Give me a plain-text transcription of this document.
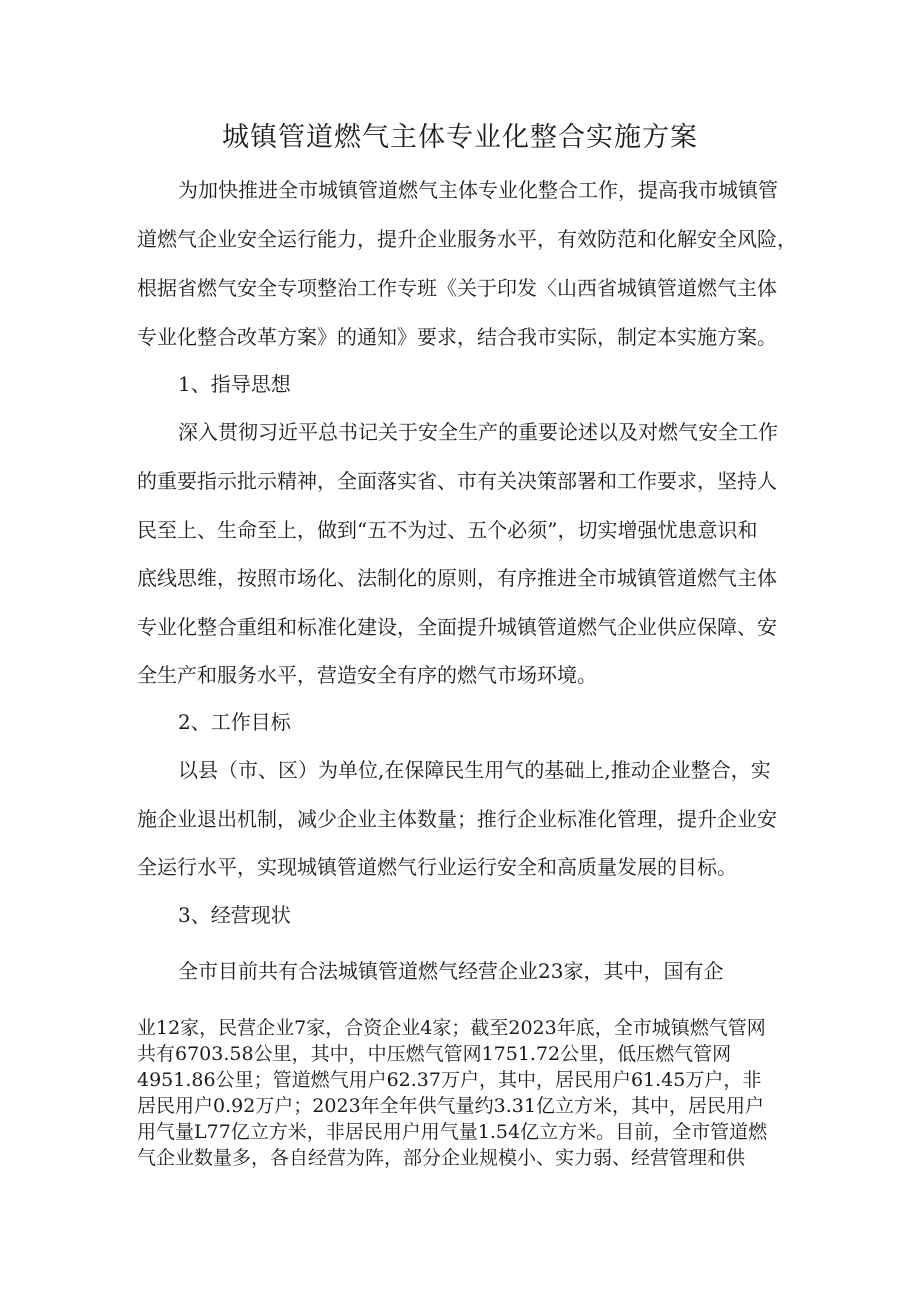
城镇管道燃气主体专业化整合实施方案
为加快推进全市城镇管道燃气主体专业化整合工作，提高我市城镇管
道燃气企业安全运行能力，提升企业服务水平，有效防范和化解安全风险，
根据省燃气安全专项整治工作专班《关于印发〈山西省城镇管道燃气主体
专业化整合改革方案》的通知》要求，结合我市实际，制定本实施方案。
1、指导思想
深入贯彻习近平总书记关于安全生产的重要论述以及对燃气安全工作
的重要指示批示精神，全面落实省、市有关决策部署和工作要求，坚持人
民至上、生命至上，做到“五不为过、五个必须”，切实增强忧患意识和
底线思维，按照市场化、法制化的原则，有序推进全市城镇管道燃气主体
专业化整合重组和标准化建设，全面提升城镇管道燃气企业供应保障、安
全生产和服务水平，营造安全有序的燃气市场环境。
2、工作目标
以县（市、区）为单位,在保障民生用气的基础上,推动企业整合，实
施企业退出机制，减少企业主体数量；推行企业标准化管理，提升企业安
全运行水平，实现城镇管道燃气行业运行安全和高质量发展的目标。
3、经营现状
全市目前共有合法城镇管道燃气经营企业23家，其中，国有企
业12家，民营企业7家，合资企业4家；截至2023年底，全市城镇燃气管网
共有6703.58公里，其中，中压燃气管网1751.72公里，低压燃气管网
4951.86公里；管道燃气用户62.37万户，其中，居民用户61.45万户，非
居民用户0.92万户；2023年全年供气量约3.31亿立方米，其中，居民用户
用气量L77亿立方米，非居民用户用气量1.54亿立方米。目前，全市管道燃
气企业数量多，各自经营为阵，部分企业规模小、实力弱、经营管理和供
